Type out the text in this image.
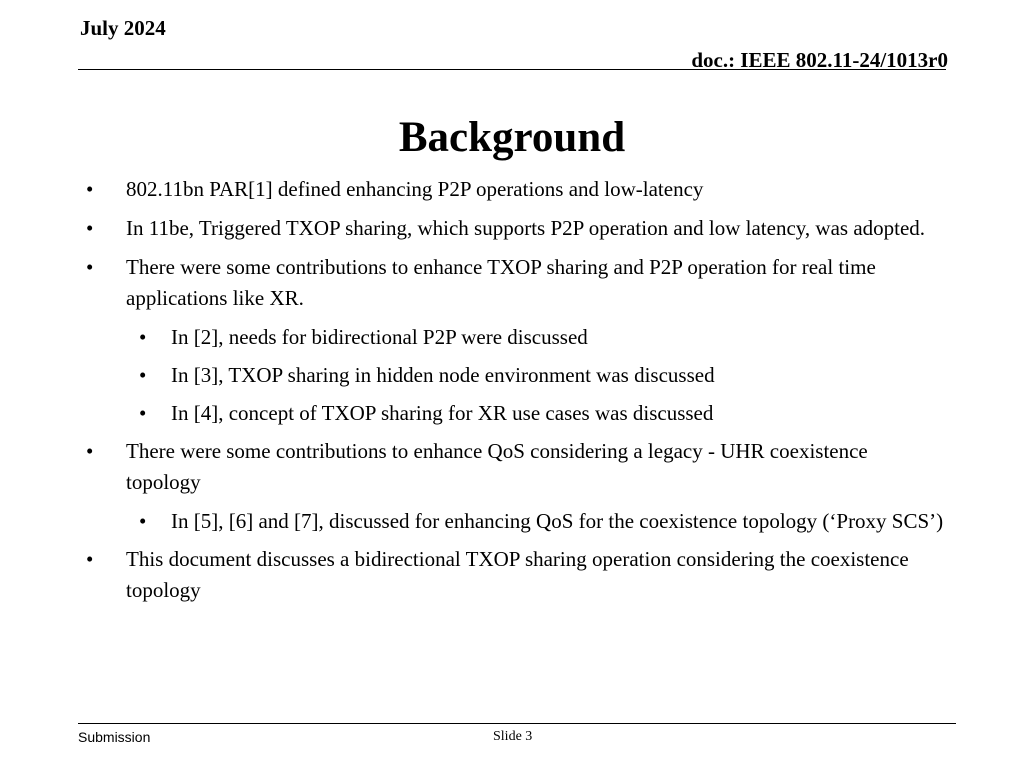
July 2024
doc.: IEEE 802.11-24/1013r0
Background
• 802.11bn PAR[1] defined enhancing P2P operations and low-latency
• In 11be, Triggered TXOP sharing, which supports P2P operation and low latency, was adopted.
• There were some contributions to enhance TXOP sharing and P2P operation for real time applications like XR.
• In [2], needs for bidirectional P2P were discussed
• In [3], TXOP sharing in hidden node environment was discussed
• In [4], concept of TXOP sharing for XR use cases was discussed
• There were some contributions to enhance QoS considering a legacy - UHR coexistence topology
• In [5], [6] and [7], discussed for enhancing QoS for the coexistence topology (‘Proxy SCS’)
• This document discusses a bidirectional TXOP sharing operation considering the coexistence topology
Submission	Slide 3
